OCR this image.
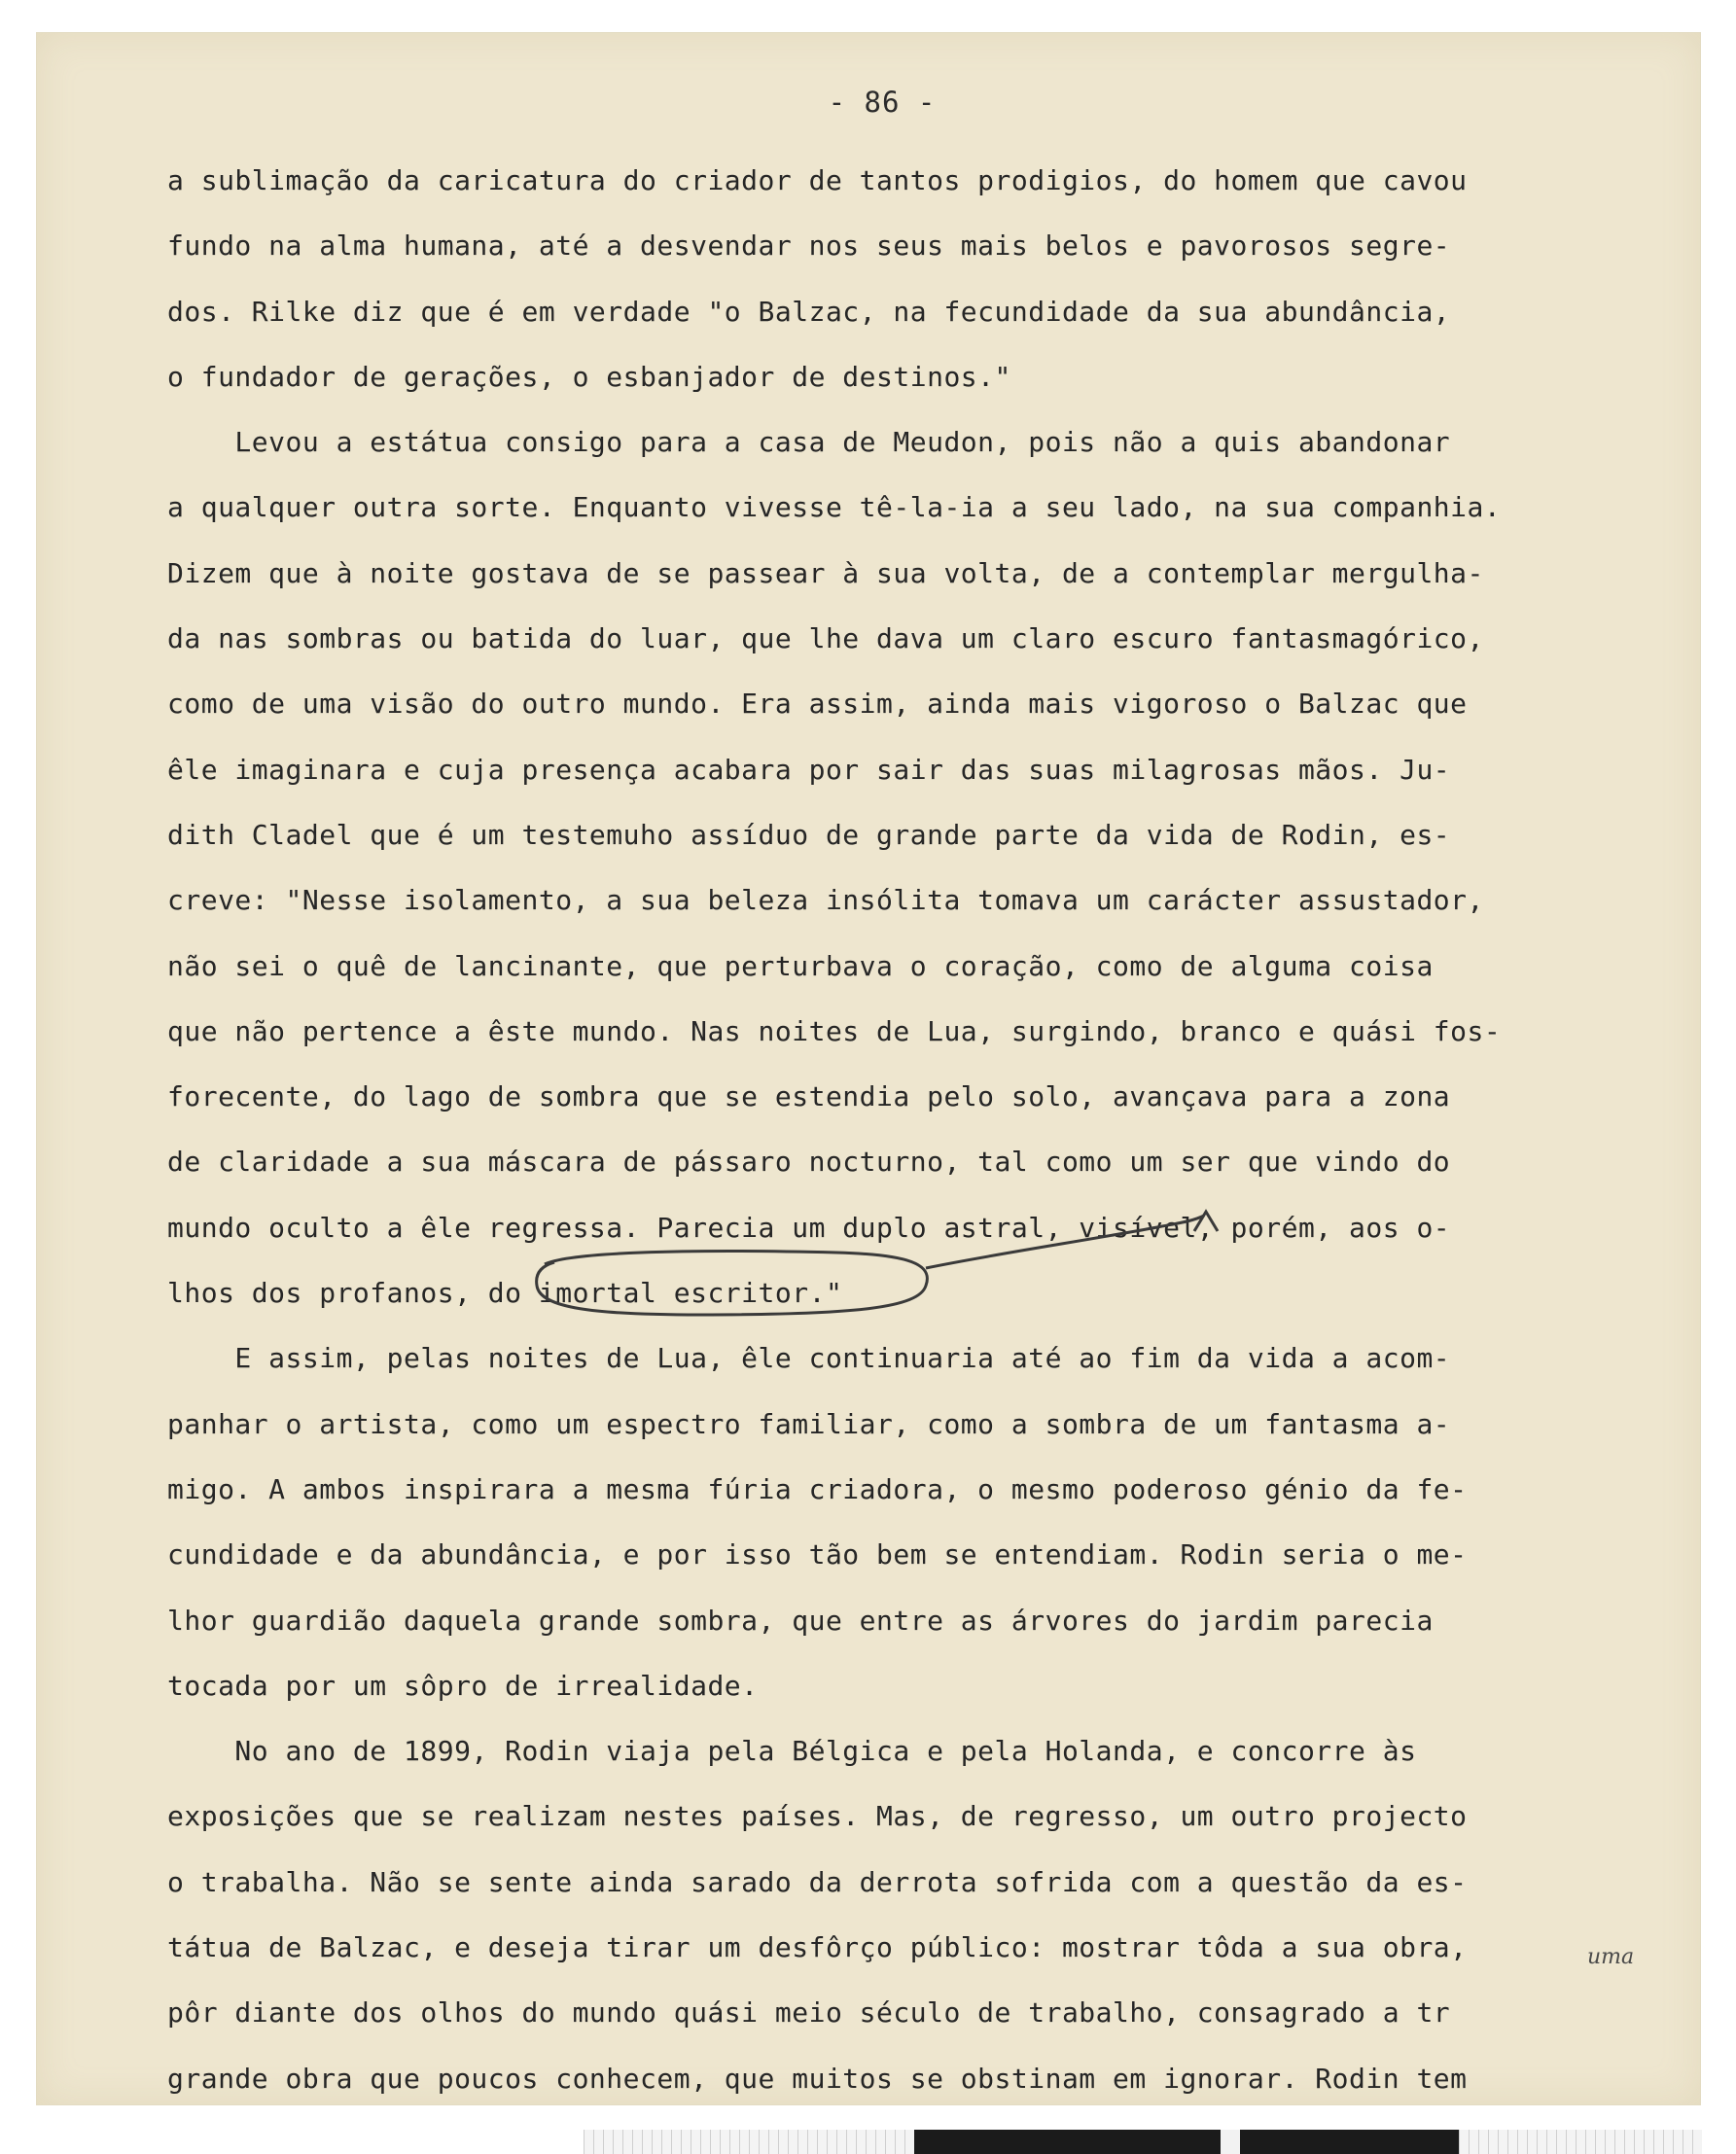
- 86 -
a sublimação da caricatura do criador de tantos prodigios, do homem que cavou
fundo na alma humana, até a desvendar nos seus mais belos e pavorosos segre-
dos. Rilke diz que é em verdade "o Balzac, na fecundidade da sua abundância,
o fundador de gerações, o esbanjador de destinos."
Levou a estátua consigo para a casa de Meudon, pois não a quis abandonar
a qualquer outra sorte. Enquanto vivesse tê-la-ia a seu lado, na sua companhia.
Dizem que à noite gostava de se passear à sua volta, de a contemplar mergulha-
da nas sombras ou batida do luar, que lhe dava um claro escuro fantasmagórico,
como de uma visão do outro mundo. Era assim, ainda mais vigoroso o Balzac que
êle imaginara e cuja presença acabara por sair das suas milagrosas mãos. Ju-
dith Cladel que é um testemuho assíduo de grande parte da vida de Rodin, es-
creve: "Nesse isolamento, a sua beleza insólita tomava um carácter assustador,
não sei o quê de lancinante, que perturbava o coração, como de alguma coisa
que não pertence a êste mundo. Nas noites de Lua, surgindo, branco e quási fos-
forecente, do lago de sombra que se estendia pelo solo, avançava para a zona
de claridade a sua máscara de pássaro nocturno, tal como um ser que vindo do
mundo oculto a êle regressa. Parecia um duplo astral, visível, porém, aos o-
lhos dos profanos, do imortal escritor."
E assim, pelas noites de Lua, êle continuaria até ao fim da vida a acom-
panhar o artista, como um espectro familiar, como a sombra de um fantasma a-
migo. A ambos inspirara a mesma fúria criadora, o mesmo poderoso génio da fe-
cundidade e da abundância, e por isso tão bem se entendiam. Rodin seria o me-
lhor guardião daquela grande sombra, que entre as árvores do jardim parecia
tocada por um sôpro de irrealidade.
No ano de 1899, Rodin viaja pela Bélgica e pela Holanda, e concorre às
exposições que se realizam nestes países. Mas, de regresso, um outro projecto
o trabalha. Não se sente ainda sarado da derrota sofrida com a questão da es-
tátua de Balzac, e deseja tirar um desfôrço público: mostrar tôda a sua obra,
pôr diante dos olhos do mundo quási meio século de trabalho, consagrado a tr
grande obra que poucos conhecem, que muitos se obstinam em ignorar. Rodin tem
uma
